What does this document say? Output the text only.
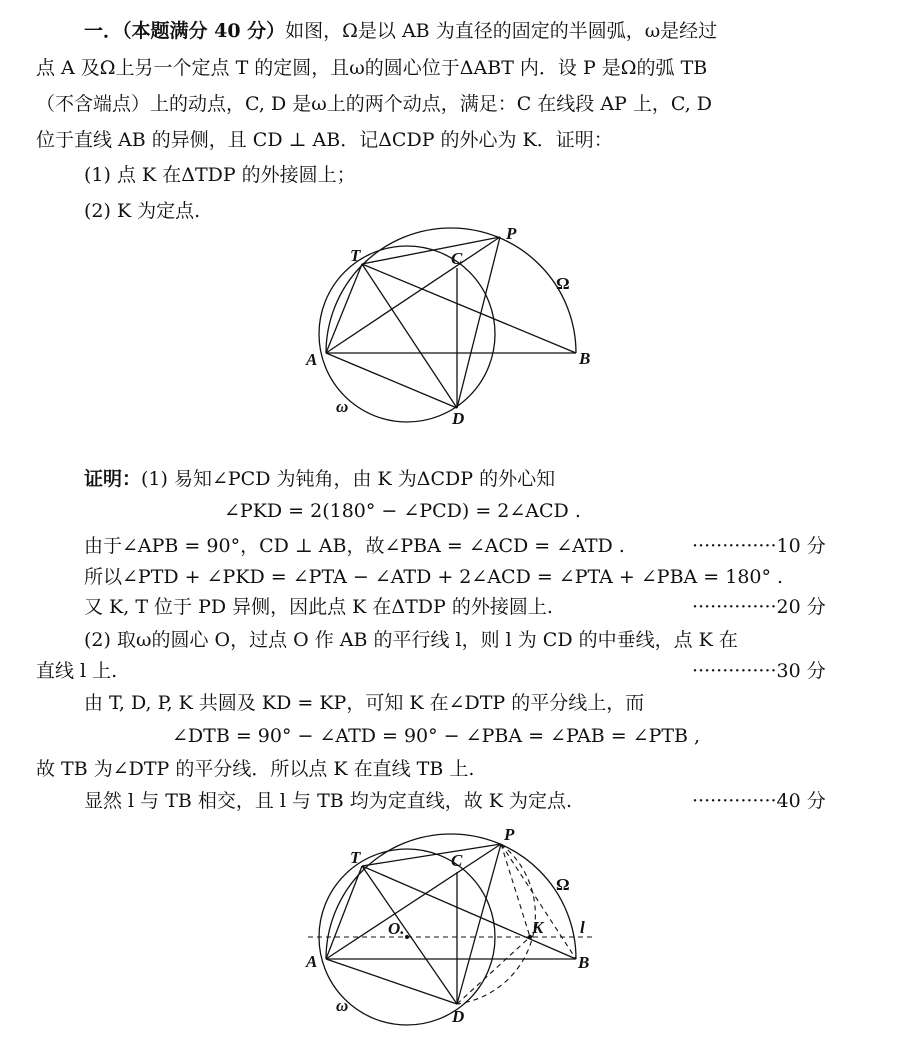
一．（本题满分 40 分）如图，Ω是以 AB 为直径的固定的半圆弧，ω是经过
点 A 及Ω上另一个定点 T 的定圆，且ω的圆心位于ΔABT 内．设 P 是Ω的弧 TB
（不含端点）上的动点，C, D 是ω上的两个动点，满足：C 在线段 AP 上，C, D
位于直线 AB 的异侧，且 CD ⊥ AB．记ΔCDP 的外心为 K．证明：
(1) 点 K 在ΔTDP 的外接圆上；
(2) K 为定点.
T
P
C
A	B
D
Ω
ω
证明：(1) 易知∠PCD 为钝角，由 K 为ΔCDP 的外心知
∠PKD = 2(180° − ∠PCD) = 2∠ACD .
由于∠APB = 90°，CD ⊥ AB，故∠PBA = ∠ACD = ∠ATD .	··············10 分
所以∠PTD + ∠PKD = ∠PTA − ∠ATD + 2∠ACD = ∠PTA + ∠PBA = 180° .
又 K, T 位于 PD 异侧，因此点 K 在ΔTDP 的外接圆上.	··············20 分
(2) 取ω的圆心 O，过点 O 作 AB 的平行线 l，则 l 为 CD 的中垂线，点 K 在
直线 l 上.	··············30 分
由 T, D, P, K 共圆及 KD = KP，可知 K 在∠DTP 的平分线上，而
∠DTB = 90° − ∠ATD = 90° − ∠PBA = ∠PAB = ∠PTB ,
故 TB 为∠DTP 的平分线．所以点 K 在直线 TB 上.
显然 l 与 TB 相交，且 l 与 TB 均为定直线，故 K 为定点.	··············40 分
T
P
C
O.	K l
A	B
D
Ω
ω
